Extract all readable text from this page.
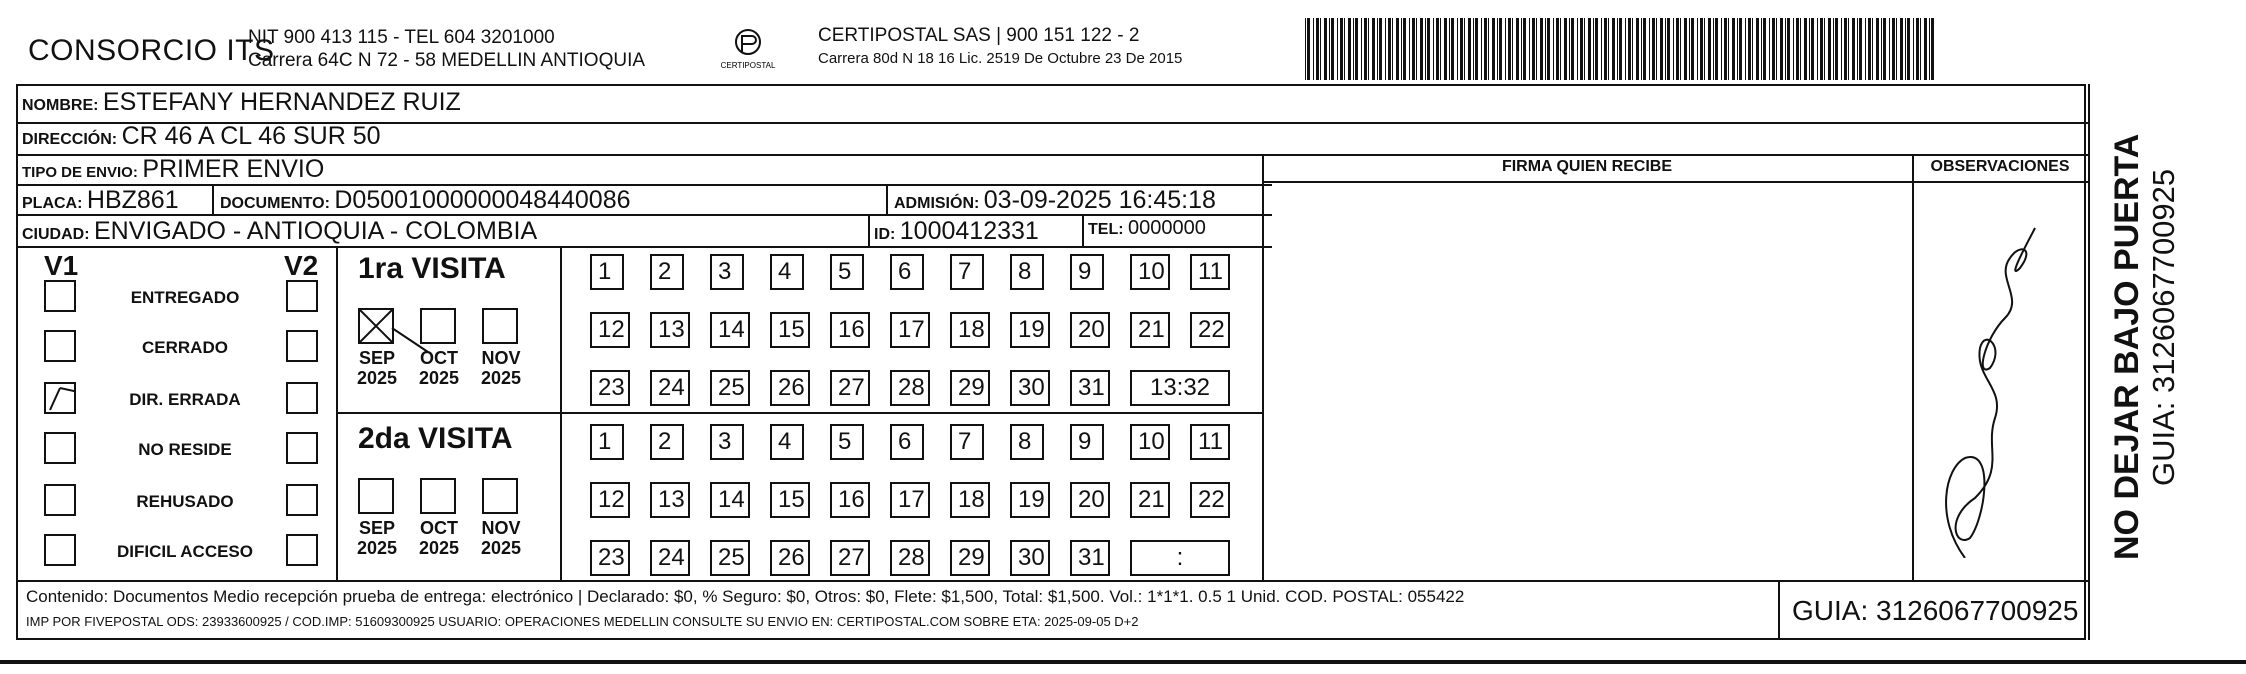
CONSORCIO ITS
NIT 900 413 115 - TEL 604 3201000
Carrera 64C N 72 - 58 MEDELLIN ANTIOQUIA	CERTIPOSTAL
CERTIPOSTAL SAS | 900 151 122 - 2
Carrera 80d N 18 16 Lic. 2519 De Octubre 23 De 2015
NOMBRE: ESTEFANY HERNANDEZ RUIZ
DIRECCIÓN: CR 46 A CL 46 SUR 50
TIPO DE ENVIO: PRIMER ENVIO	FIRMA QUIEN RECIBE	OBSERVACIONES
PLACA: HBZ861	DOCUMENTO: D05001000000048440086	ADMISIÓN: 03-09-2025 16:45:18
CIUDAD: ENVIGADO - ANTIOQUIA - COLOMBIA	ID: 1000412331	TEL: 0000000
V1	V2
ENTREGADO
CERRADO
DIR. ERRADA
NO RESIDE
REHUSADO
DIFICIL ACCESO
1ra VISITA
SEP
2025
OCT
2025
NOV
2025
1	2	3	4	5	6	7	8	9	10	11
12	13	14	15	16	17	18	19	20	21	22
23	24	25	26	27	28	29	30	31	13:32
2da VISITA
SEP
2025
OCT
2025
NOV
2025
1	2	3	4	5	6	7	8	9	10	11
12	13	14	15	16	17	18	19	20	21	22
23	24	25	26	27	28	29	30	31	:
Contenido: Documentos Medio recepción prueba de entrega: electrónico | Declarado: $0, % Seguro: $0, Otros: $0, Flete: $1,500, Total: $1,500. Vol.: 1*1*1. 0.5 1 Unid. COD. POSTAL: 055422
IMP POR FIVEPOSTAL ODS: 23933600925 / COD.IMP: 51609300925 USUARIO: OPERACIONES MEDELLIN CONSULTE SU ENVIO EN: CERTIPOSTAL.COM SOBRE ETA: 2025-09-05 D+2	GUIA: 3126067700925
NO DEJAR BAJO PUERTA GUIA: 3126067700925
